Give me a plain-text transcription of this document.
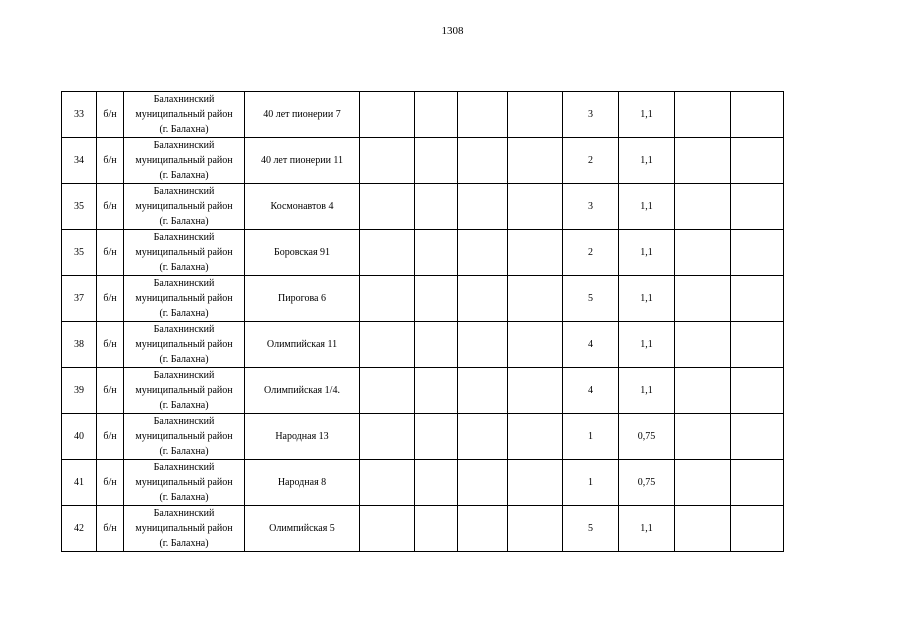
1308
33	б/н	Балахнинский
муниципальный район
(г. Балахна)	40 лет пионерии 7					3	1,1		
34	б/н	Балахнинский
муниципальный район
(г. Балахна)	40 лет пионерии 11					2	1,1		
35	б/н	Балахнинский
муниципальный район
(г. Балахна)	Космонавтов 4					3	1,1		
35	б/н	Балахнинский
муниципальный район
(г. Балахна)	Боровская 91					2	1,1		
37	б/н	Балахнинский
муниципальный район
(г. Балахна)	Пирогова 6					5	1,1		
38	б/н	Балахнинский
муниципальный район
(г. Балахна)	Олимпийская 11					4	1,1		
39	б/н	Балахнинский
муниципальный район
(г. Балахна)	Олимпийская 1/4.					4	1,1		
40	б/н	Балахнинский
муниципальный район
(г. Балахна)	Народная 13					1	0,75		
41	б/н	Балахнинский
муниципальный район
(г. Балахна)	Народная 8					1	0,75		
42	б/н	Балахнинский
муниципальный район
(г. Балахна)	Олимпийская 5					5	1,1		
